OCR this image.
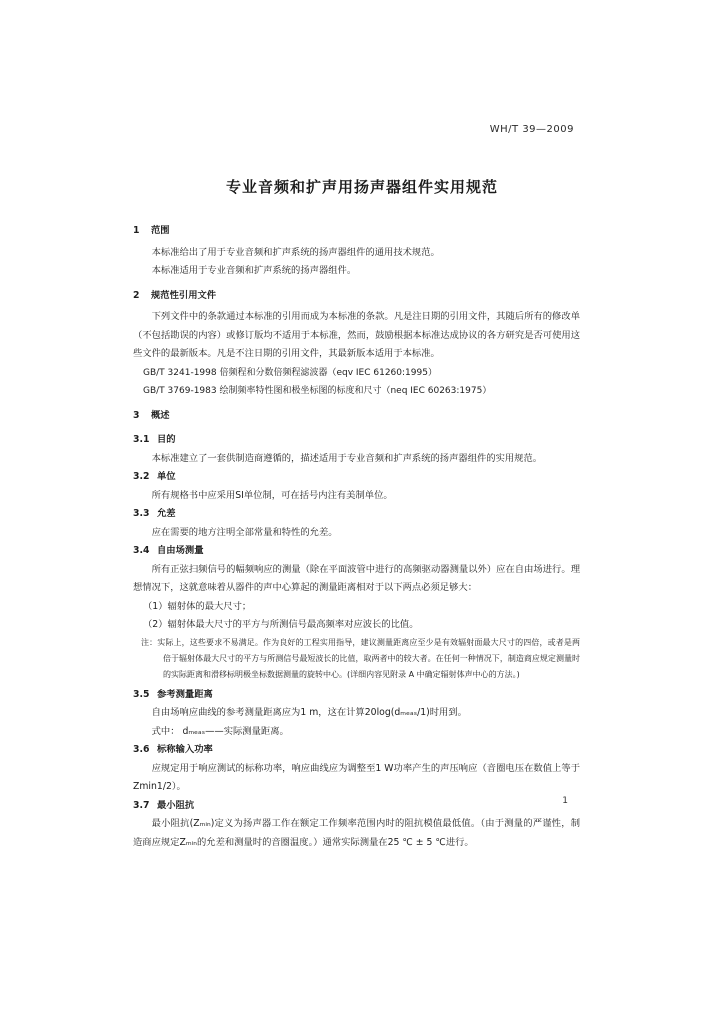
WH/T 39—2009
专业音频和扩声用扬声器组件实用规范
1 范围

本标准给出了用于专业音频和扩声系统的扬声器组件的通用技术规范。

本标准适用于专业音频和扩声系统的扬声器组件。

2 规范性引用文件

下列文件中的条款通过本标准的引用而成为本标准的条款。凡是注日期的引用文件，其随后所有的修改单（不包括勘误的内容）或修订版均不适用于本标准，然而，鼓励根据本标准达成协议的各方研究是否可使用这些文件的最新版本。凡是不注日期的引用文件，其最新版本适用于本标准。

GB/T 3241-1998 倍频程和分数倍频程滤波器（eqv IEC 61260:1995）

GB/T 3769-1983 绘制频率特性图和极坐标图的标度和尺寸（neq IEC 60263:1975）

3 概述
3.1 目的

本标准建立了一套供制造商遵循的，描述适用于专业音频和扩声系统的扬声器组件的实用规范。

3.2 单位

所有规格书中应采用SI单位制，可在括号内注有美制单位。

3.3 允差

应在需要的地方注明全部常量和特性的允差。

3.4 自由场测量

所有正弦扫频信号的幅频响应的测量（除在平面波管中进行的高频驱动器测量以外）应在自由场进行。理想情况下，这就意味着从器件的声中心算起的测量距离相对于以下两点必须足够大：

（1）辐射体的最大尺寸；

（2）辐射体最大尺寸的平方与所测信号最高频率对应波长的比值。

注：实际上，这些要求不易满足。作为良好的工程实用指导，建议测量距离应至少是有效辐射面最大尺寸的四倍，或者是两倍于辐射体最大尺寸的平方与所测信号最短波长的比值，取两者中的较大者。在任何一种情况下，制造商应规定测量时的实际距离和滑移标明极坐标数据测量的旋转中心。(详细内容见附录 A 中确定辐射体声中心的方法。)

3.5 参考测量距离

自由场响应曲线的参考测量距离应为1 m，这在计算20log(dₘₑₐₛ/1)时用到。

式中： dₘₑₐₛ——实际测量距离。

3.6 标称输入功率

应规定用于响应测试的标称功率，响应曲线应为调整至1 W功率产生的声压响应（音圈电压在数值上等于Zmin1/2）。

3.7 最小阻抗

最小阻抗(Zₘᵢₙ)定义为扬声器工作在额定工作频率范围内时的阻抗模值最低值。（由于测量的严谨性，制造商应规定Zₘᵢₙ的允差和测量时的音圈温度。）通常实际测量在25 ℃ ± 5 ℃进行。

1
